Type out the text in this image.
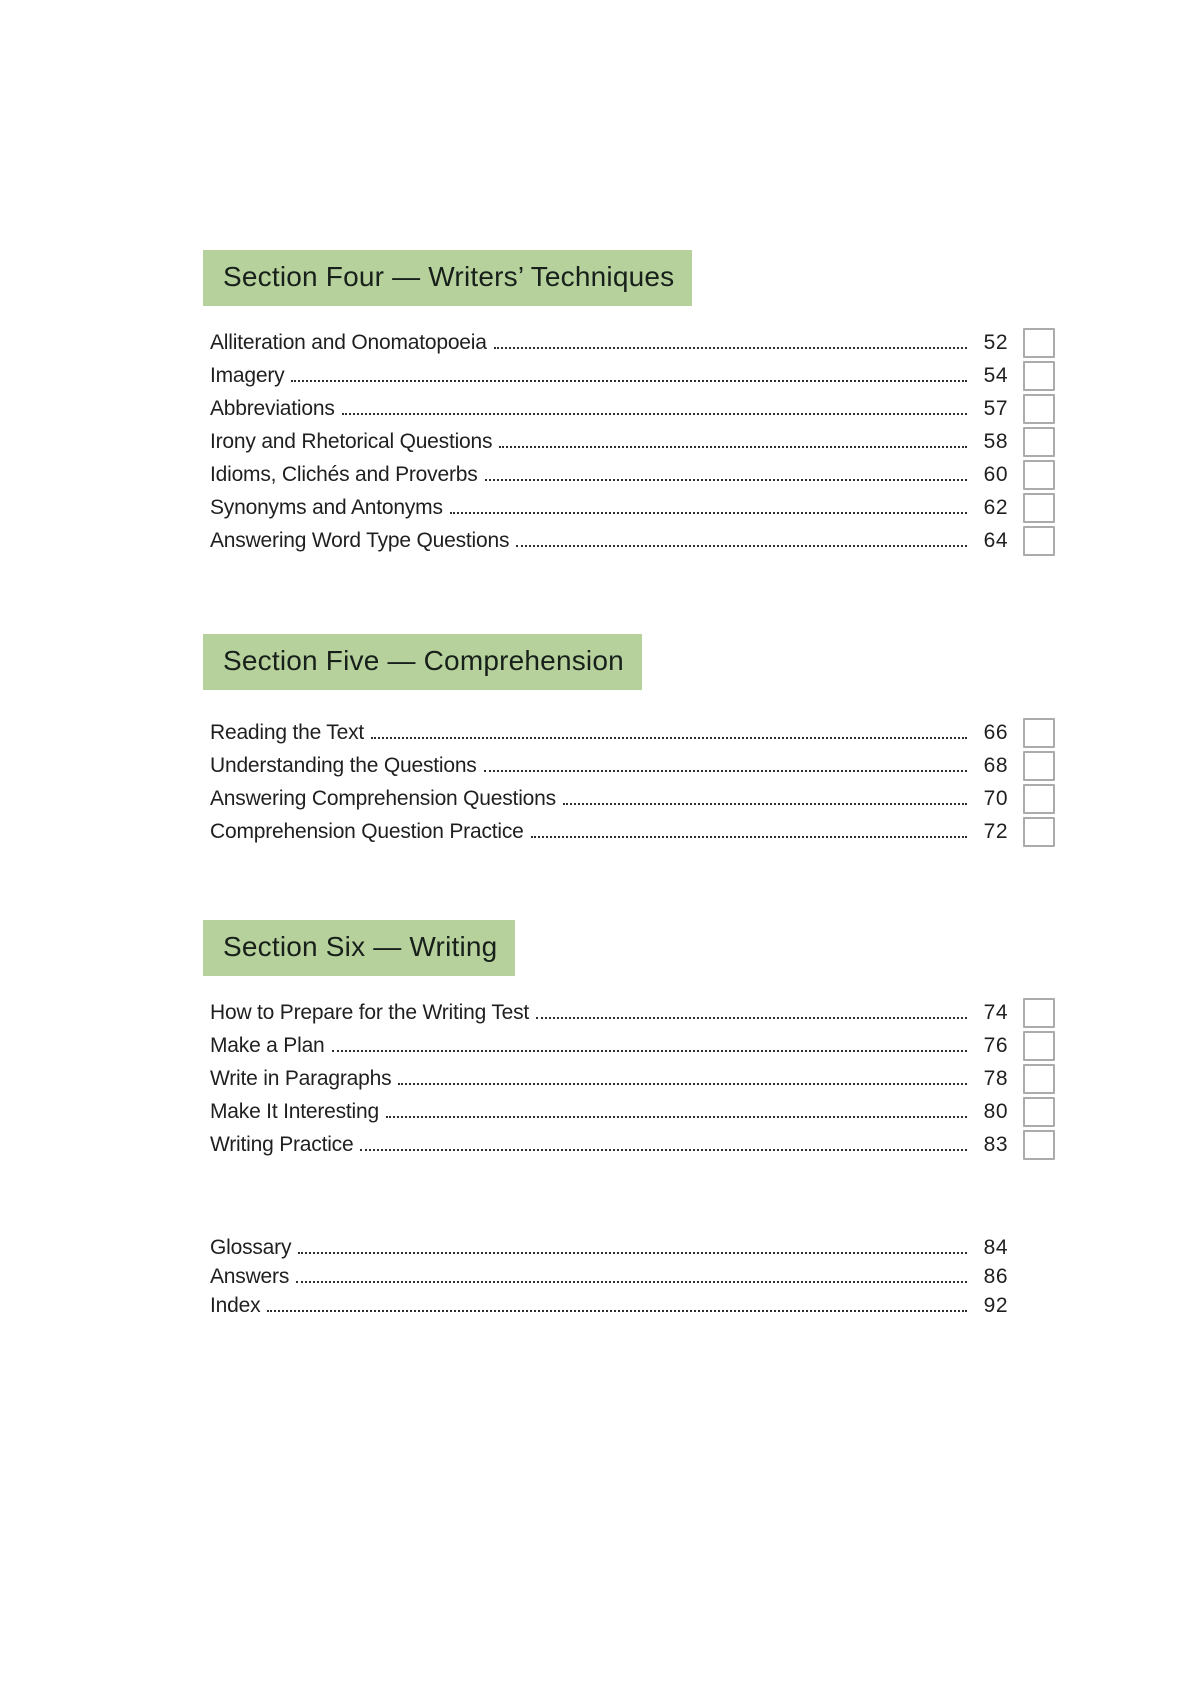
Section Four — Writers’ Techniques
Alliteration and Onomatopoeia	52
Imagery	54
Abbreviations	57
Irony and Rhetorical Questions	58
Idioms, Clichés and Proverbs	60
Synonyms and Antonyms	62
Answering Word Type Questions	64
Section Five — Comprehension
Reading the Text	66
Understanding the Questions	68
Answering Comprehension Questions	70
Comprehension Question Practice	72
Section Six — Writing
How to Prepare for the Writing Test	74
Make a Plan	76
Write in Paragraphs	78
Make It Interesting	80
Writing Practice	83
Glossary	84
Answers	86
Index	92
